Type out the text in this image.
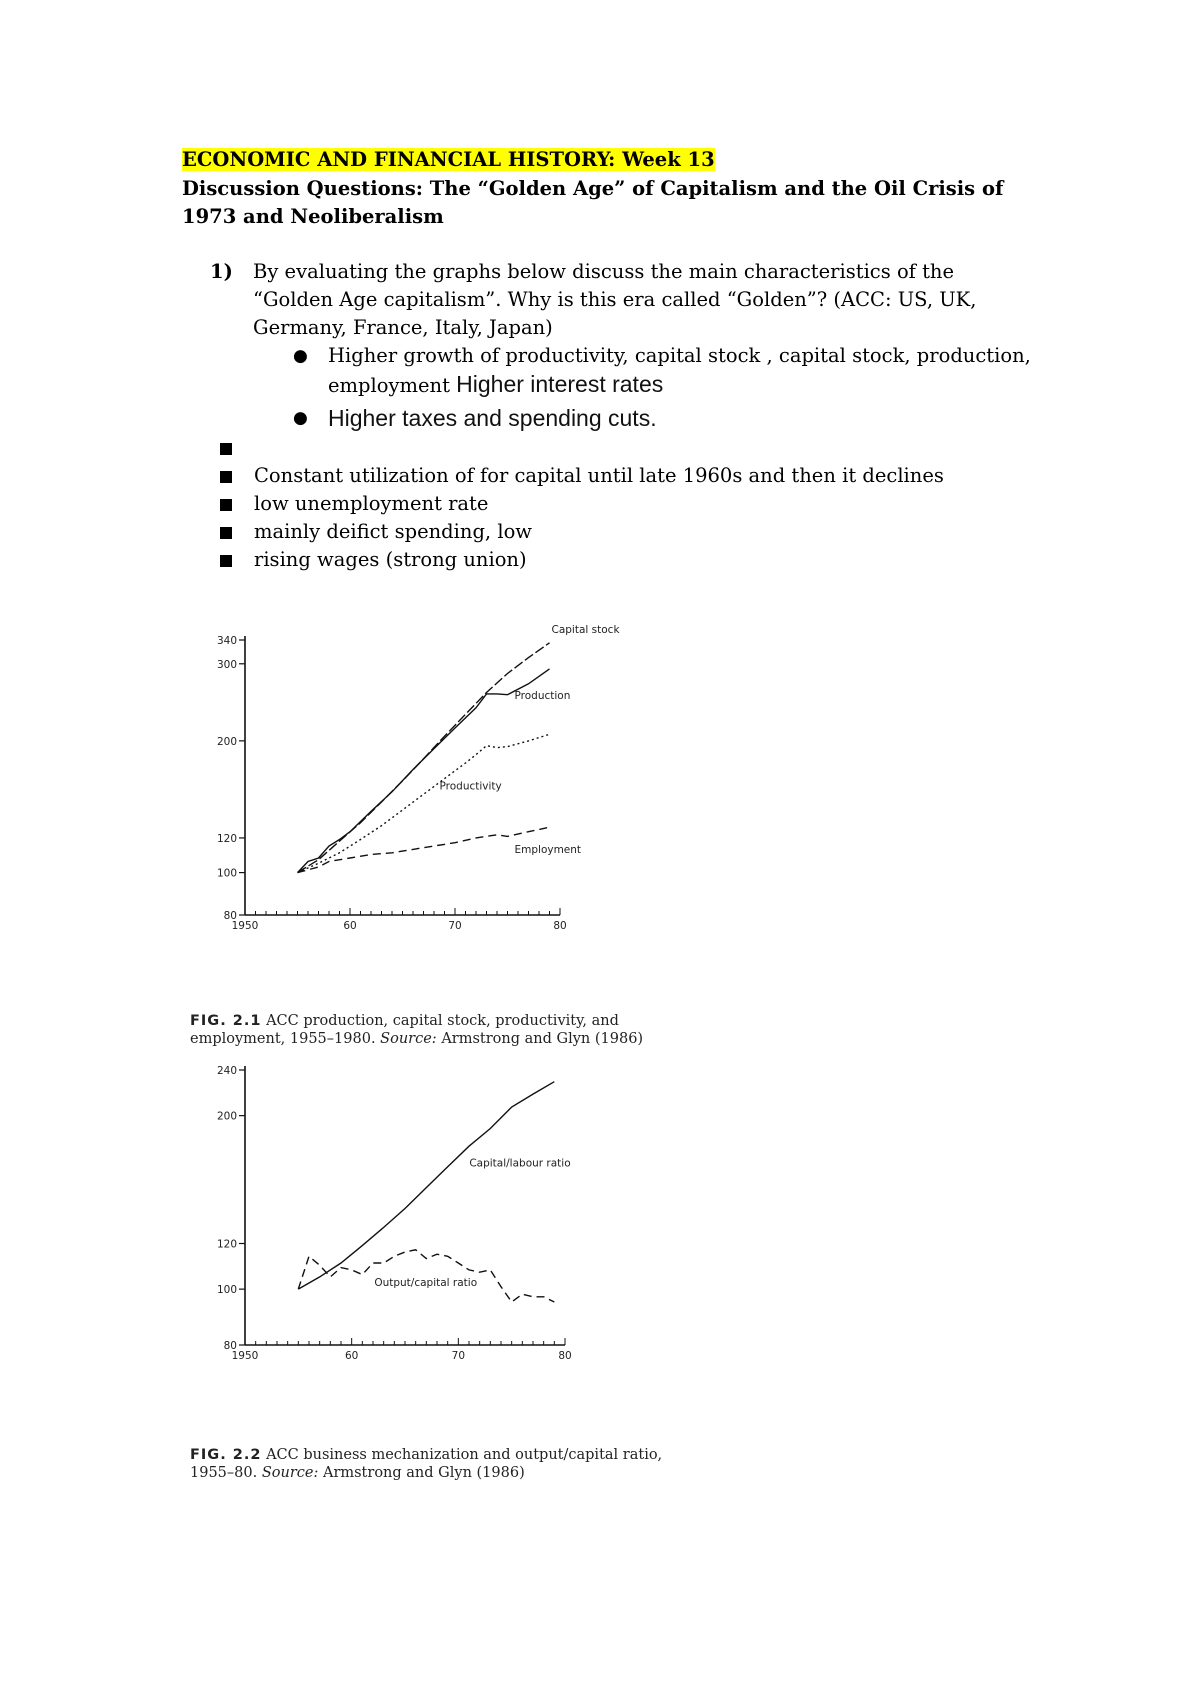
ECONOMIC AND FINANCIAL HISTORY: Week 13
Discussion Questions: The “Golden Age” of Capitalism and the Oil Crisis of 1973 and Neoliberalism
1) By evaluating the graphs below discuss the main characteristics of the “Golden Age capitalism”. Why is this era called “Golden”? (ACC: US, UK, Germany, France, Italy, Japan)
● Higher growth of productivity, capital stock , capital stock, production, employment Higher interest rates
● Higher taxes and spending cuts.
Constant utilization of for capital until late 1960s and then it declines
low unemployment rate
mainly deifict spending, low
rising wages (strong union)
80
100
120
200
300
340
1950	60	70	80
Capital stock
Production
Productivity
Employment
FIG. 2.1 ACC production, capital stock, productivity, and employment, 1955–1980. Source: Armstrong and Glyn (1986)
80
100
120
200
240
1950	60	70	80
Capital/labour ratio
Output/capital ratio
FIG. 2.2 ACC business mechanization and output/capital ratio, 1955–80. Source: Armstrong and Glyn (1986)
